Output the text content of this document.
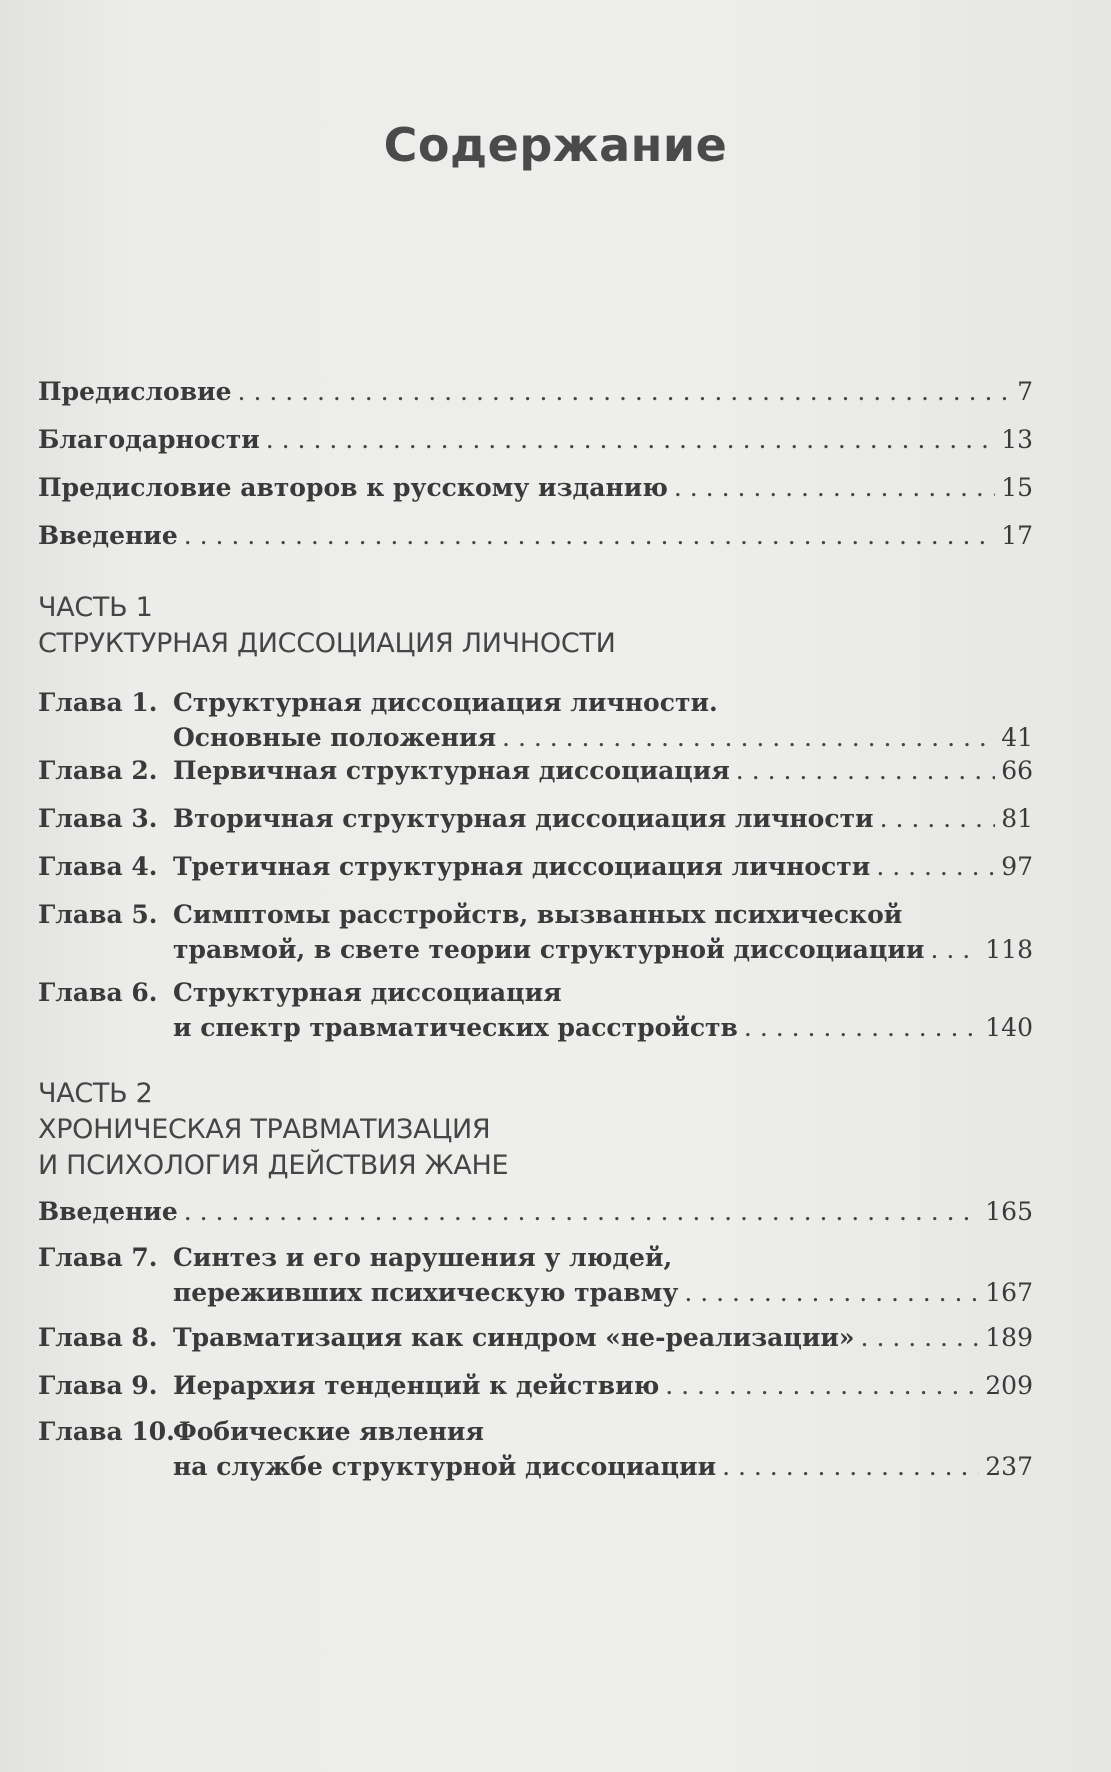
Содержание
Предисловие . . .	7
Благодарности . . .	13
Предисловие авторов к русскому изданию . . .	15
Введение . . .	17
ЧАСТЬ 1
СТРУКТУРНАЯ ДИССОЦИАЦИЯ ЛИЧНОСТИ
Глава 1. Структурная диссоциация личности.
Основные положения . . .	41
Глава 2. Первичная структурная диссоциация . . .	66
Глава 3. Вторичная структурная диссоциация личности . . .	81
Глава 4. Третичная структурная диссоциация личности . . .	97
Глава 5. Симптомы расстройств, вызванных психической
травмой, в свете теории структурной диссоциации . . . 118
Глава 6. Структурная диссоциация
и спектр травматических расстройств . . .	140
ЧАСТЬ 2
ХРОНИЧЕСКАЯ ТРАВМАТИЗАЦИЯ
И ПСИХОЛОГИЯ ДЕЙСТВИЯ ЖАНЕ
Введение . . .	165
Глава 7. Синтез и его нарушения у людей,
переживших психическую травму . . .	167
Глава 8. Травматизация как синдром «не-реализации» . . .	189
Глава 9. Иерархия тенденций к действию . . .	209
Глава 10.
Фобические явления
на службе структурной диссоциации . . .	237
